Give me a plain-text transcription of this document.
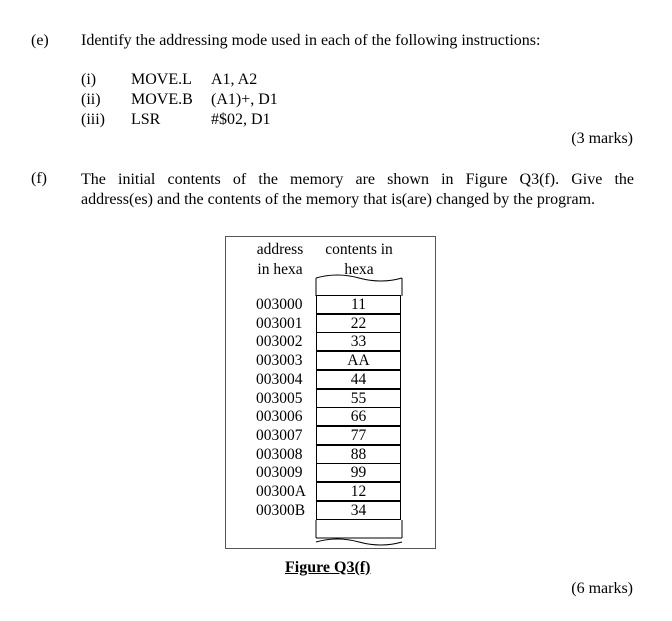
(e) Identify the addressing mode used in each of the following instructions:
(i) MOVE.L A1, A2
(ii) MOVE.B (A1)+, D1
(iii) LSR	#$02, D1
(3 marks)
(f) The initial contents of the memory are shown in Figure Q3(f). Give the
address(es) and the contents of the memory that is(are) changed by the program.
address
in hexa
contents in
hexa
003000
003001
003002
003003
003004
003005
003006
003007
003008
003009
00300A
00300B
11
22
33
AA
44
55
66
77
88
99
12
34
Figure Q3(f)
(6 marks)
